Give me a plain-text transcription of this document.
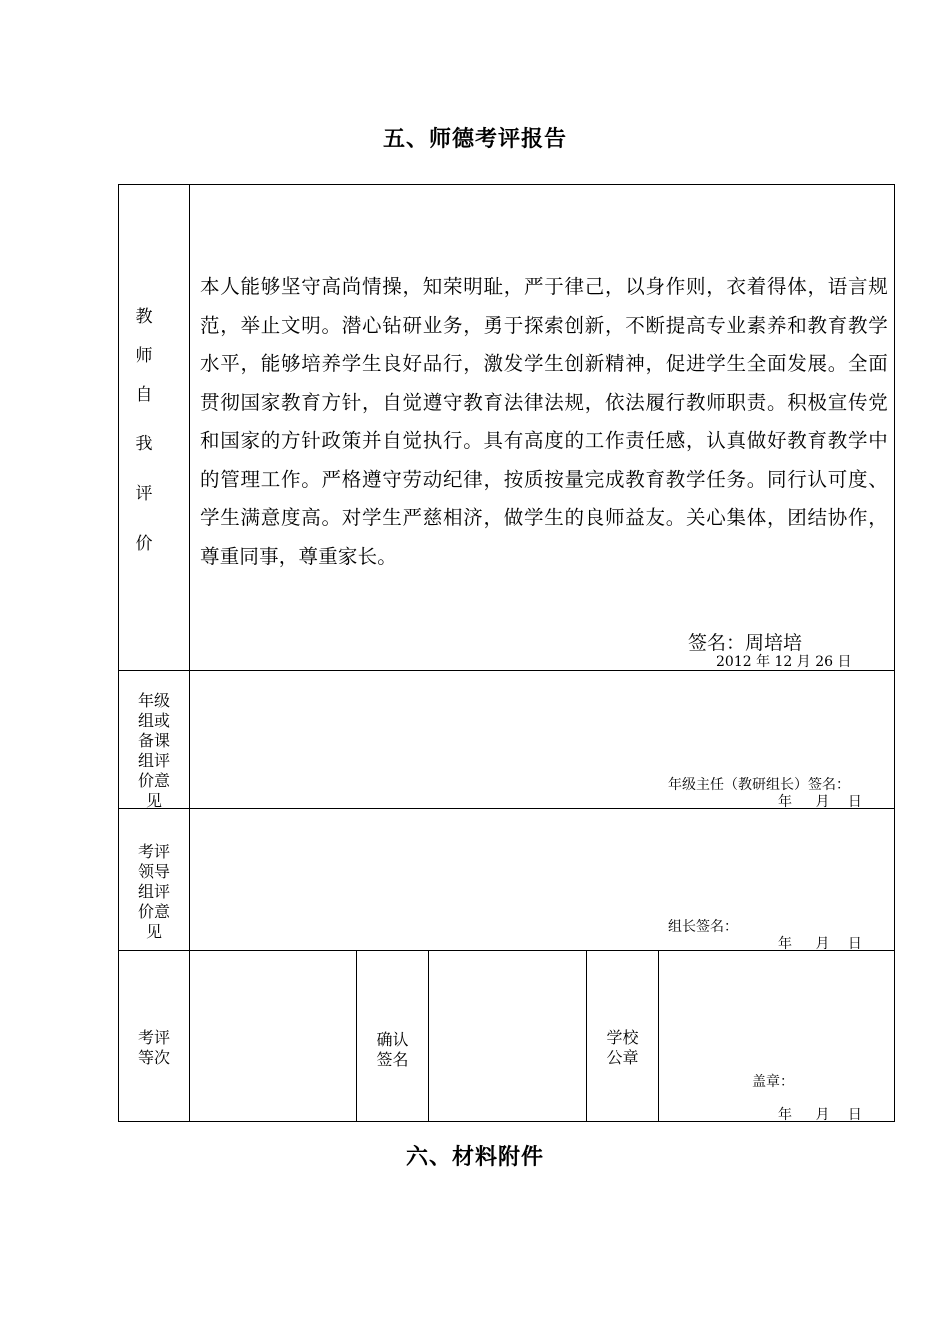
五、师德考评报告
教
师
自
我
评
价
本人能够坚守高尚情操，知荣明耻，严于律己，以身作则，衣着得体，语言规范，举止文明。潜心钻研业务，勇于探索创新，不断提高专业素养和教育教学水平，能够培养学生良好品行，激发学生创新精神，促进学生全面发展。全面贯彻国家教育方针，自觉遵守教育法律法规，依法履行教师职责。积极宣传党和国家的方针政策并自觉执行。具有高度的工作责任感，认真做好教育教学中的管理工作。严格遵守劳动纪律，按质按量完成教育教学任务。同行认可度、学生满意度高。对学生严慈相济，做学生的良师益友。关心集体，团结协作，尊重同事，尊重家长。
签名：周培培
2012 年 12 月 26 日
年级
组或
备课
组评
价意
见
年级主任（教研组长）签名：
年 月 日
考评
领导
组评
价意
见	组长签名：
年 月 日
考评
等次
确认
签名
学校
公章
盖章：
年 月 日
六、材料附件
